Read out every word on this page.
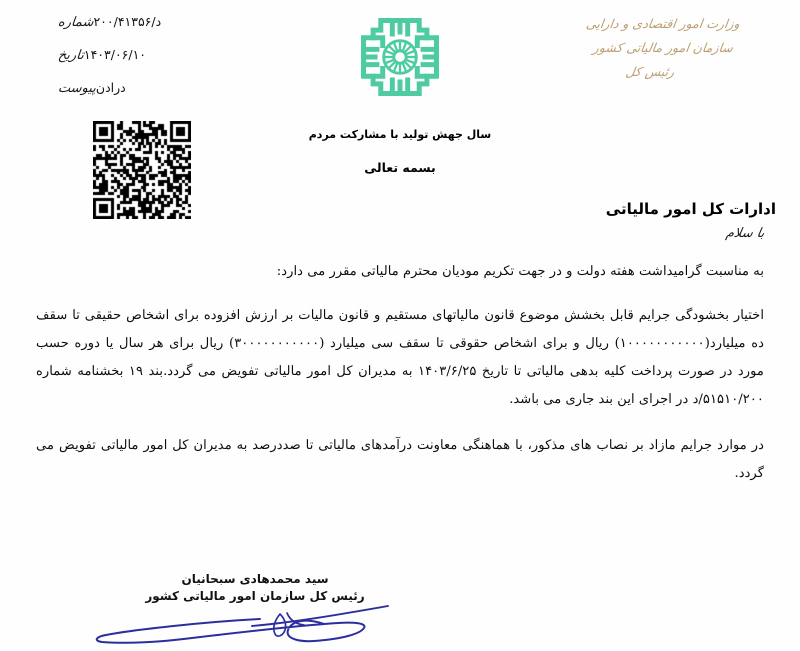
شماره ۲۰۰/۴۱۳۵۶/د
تاریخ ۱۴۰۳/۰۶/۱۰
پیوست ندارد
وزارت امور اقتصادی و دارایی
سازمان امور مالیاتی کشور
رئیس کل
سال جهش تولید با مشارکت مردم
بسمه تعالی
ادارات کل امور مالیاتی
با سلام

به مناسبت گرامیداشت هفته دولت و در جهت تکریم مودیان محترم مالیاتی مقرر می دارد:

اختیار بخشودگی جرایم قابل بخشش موضوع قانون مالیاتهای مستقیم و قانون مالیات بر ارزش افزوده برای اشخاص حقیقی تا سقف ده میلیارد(۱۰۰۰۰۰۰۰۰۰۰۰) ریال و برای اشخاص حقوقی تا سقف سی میلیارد (۳۰۰۰۰۰۰۰۰۰۰۰) ریال برای هر سال یا دوره حسب مورد در صورت پرداخت کلیه بدهی مالیاتی تا تاریخ ۱۴۰۳/۶/۲۵ به مدیران کل امور مالیاتی تفویض می گردد.بند ۱۹ بخشنامه شماره ۵۱۵۱۰/۲۰۰/د در اجرای این بند جاری می باشد.

در موارد جرایم مازاد بر نصاب های مذکور، با هماهنگی معاونت درآمدهای مالیاتی تا صددرصد به مدیران کل امور مالیاتی تفویض می گردد.

سید محمدهادی سبحانیان
رئیس کل سازمان امور مالیاتی کشور
